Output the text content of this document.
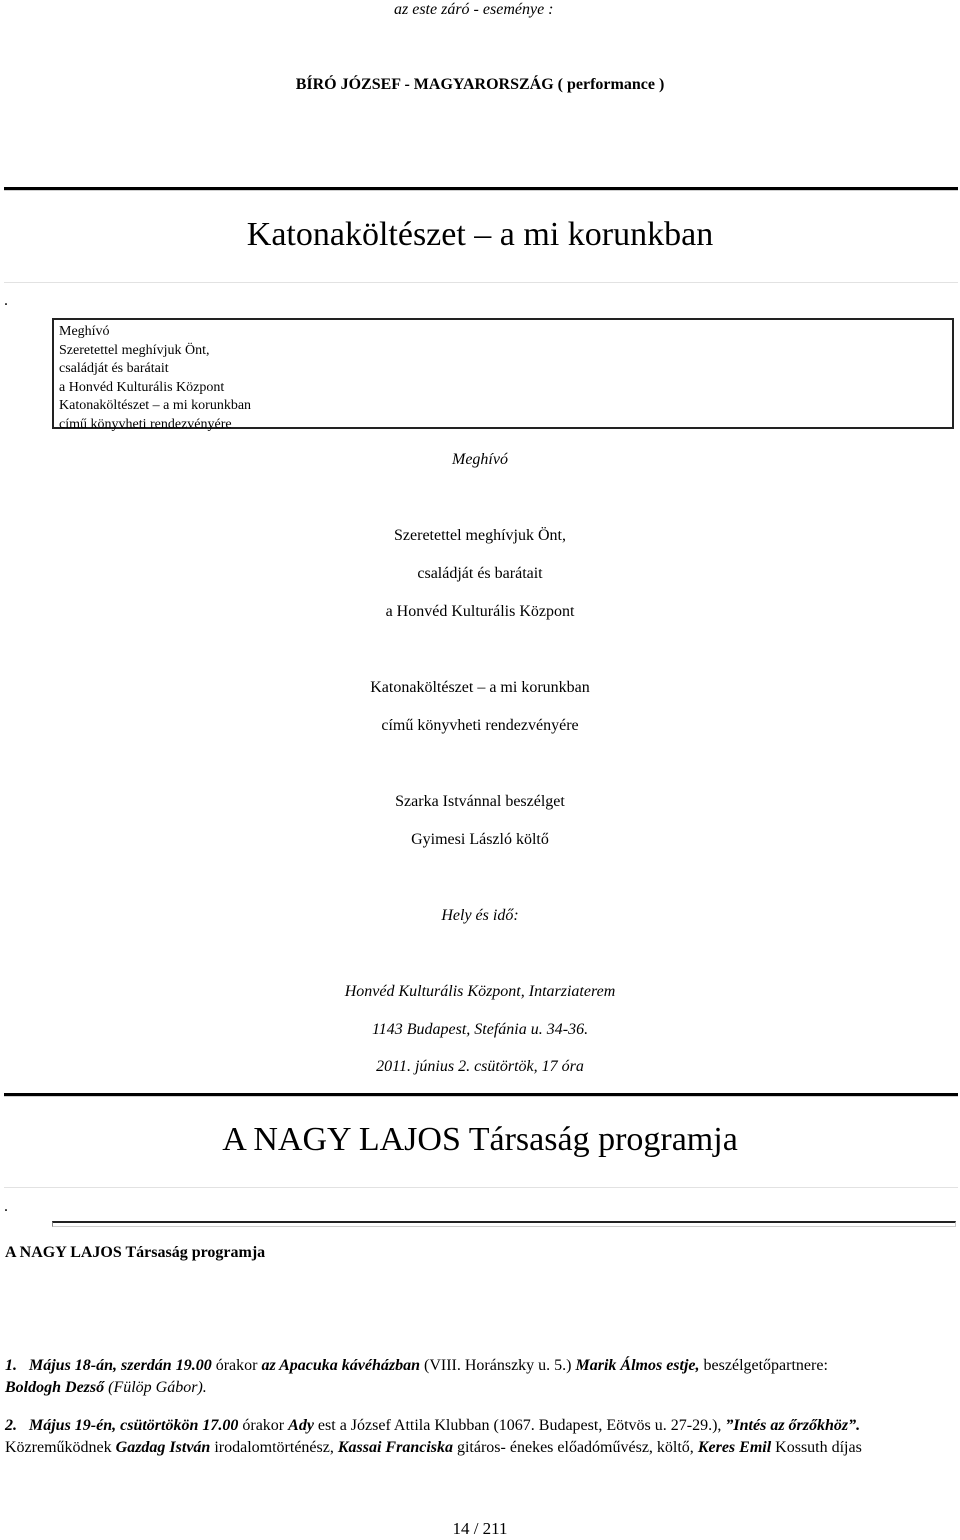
az este záró - eseménye :
BÍRÓ JÓZSEF - MAGYARORSZÁG ( performance )
Katonaköltészet – a mi korunkban
.
Meghívó
Szeretettel meghívjuk Önt,
családját és barátait
a Honvéd Kulturális Központ
Katonaköltészet – a mi korunkban
című könyvheti rendezvényére
Meghívó
Szeretettel meghívjuk Önt,
családját és barátait
a Honvéd Kulturális Központ
Katonaköltészet – a mi korunkban
című könyvheti rendezvényére
Szarka Istvánnal beszélget
Gyimesi László költő
Hely és idő:
Honvéd Kulturális Központ, Intarziaterem
1143 Budapest, Stefánia u. 34-36.
2011. június 2. csütörtök, 17 óra
A NAGY LAJOS Társaság programja
.
A NAGY LAJOS Társaság programja
1. Május 18-án, szerdán 19.00 órakor az Apacuka kávéházban (VIII. Horánszky u. 5.) Marik Álmos estje, beszélgetőpartnere:
Boldogh Dezső (Fülöp Gábor).
2. Május 19-én, csütörtökön 17.00 órakor Ady est a József Attila Klubban (1067. Budapest, Eötvös u. 27-29.), ”Intés az őrzőkhöz”.
Közreműködnek Gazdag István irodalomtörténész, Kassai Franciska gitáros- énekes előadóművész, költő, Keres Emil Kossuth díjas
14 / 211
